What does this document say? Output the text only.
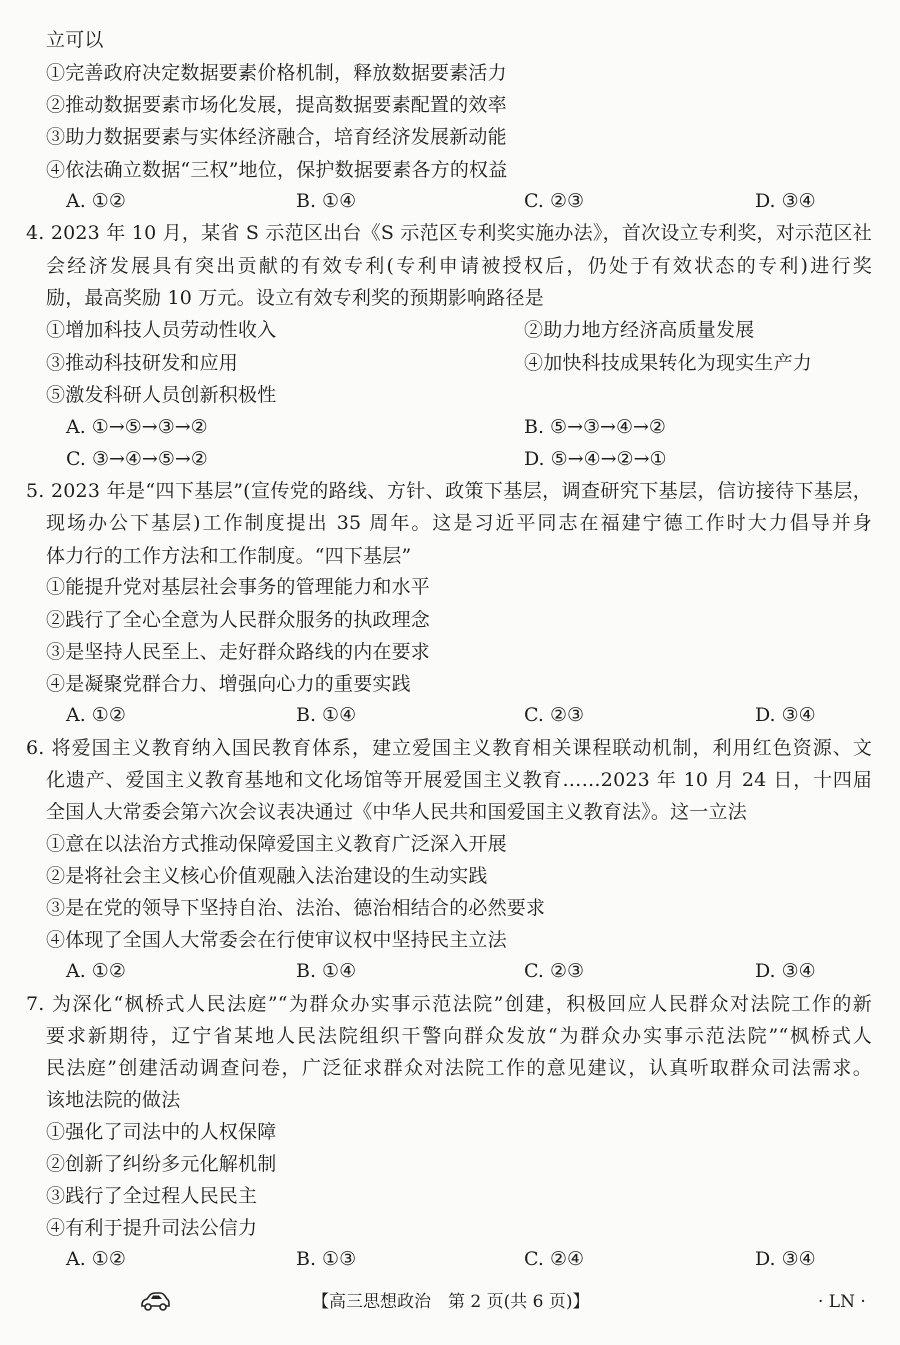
立可以
①完善政府决定数据要素价格机制，释放数据要素活力
②推动数据要素市场化发展，提高数据要素配置的效率
③助力数据要素与实体经济融合，培育经济发展新动能
④依法确立数据“三权”地位，保护数据要素各方的权益
A. ①②	B. ①④	C. ②③	D. ③④
4. 2023 年 10 月，某省 S 示范区出台《S 示范区专利奖实施办法》，首次设立专利奖，对示范区社
会经济发展具有突出贡献的有效专利(专利申请被授权后，仍处于有效状态的专利)进行奖
励，最高奖励 10 万元。设立有效专利奖的预期影响路径是
①增加科技人员劳动性收入	②助力地方经济高质量发展
③推动科技研发和应用	④加快科技成果转化为现实生产力
⑤激发科研人员创新积极性
A. ①→⑤→③→②	B. ⑤→③→④→②
C. ③→④→⑤→②	D. ⑤→④→②→①
5. 2023 年是“四下基层”(宣传党的路线、方针、政策下基层，调查研究下基层，信访接待下基层，
现场办公下基层)工作制度提出 35 周年。这是习近平同志在福建宁德工作时大力倡导并身
体力行的工作方法和工作制度。“四下基层”
①能提升党对基层社会事务的管理能力和水平
②践行了全心全意为人民群众服务的执政理念
③是坚持人民至上、走好群众路线的内在要求
④是凝聚党群合力、增强向心力的重要实践
A. ①②	B. ①④	C. ②③	D. ③④
6. 将爱国主义教育纳入国民教育体系，建立爱国主义教育相关课程联动机制，利用红色资源、文
化遗产、爱国主义教育基地和文化场馆等开展爱国主义教育……2023 年 10 月 24 日，十四届
全国人大常委会第六次会议表决通过《中华人民共和国爱国主义教育法》。这一立法
①意在以法治方式推动保障爱国主义教育广泛深入开展
②是将社会主义核心价值观融入法治建设的生动实践
③是在党的领导下坚持自治、法治、德治相结合的必然要求
④体现了全国人大常委会在行使审议权中坚持民主立法
A. ①②	B. ①④	C. ②③	D. ③④
7. 为深化“枫桥式人民法庭”“为群众办实事示范法院”创建，积极回应人民群众对法院工作的新
要求新期待，辽宁省某地人民法院组织干警向群众发放“为群众办实事示范法院”“枫桥式人
民法庭”创建活动调查问卷，广泛征求群众对法院工作的意见建议，认真听取群众司法需求。
该地法院的做法
①强化了司法中的人权保障
②创新了纠纷多元化解机制
③践行了全过程人民民主
④有利于提升司法公信力
A. ①②	B. ①③	C. ②④	D. ③④
【高三思想政治　第 2 页(共 6 页)】	· LN ·
